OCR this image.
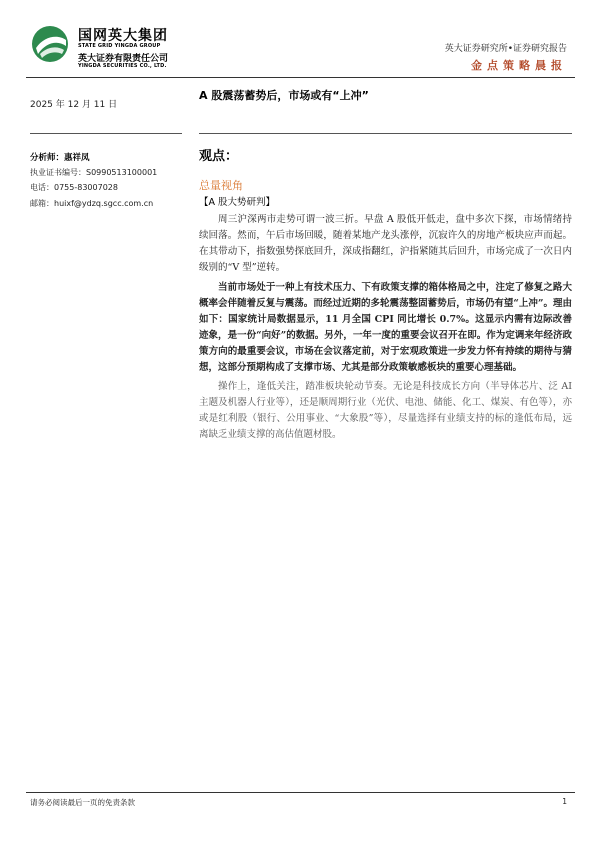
国网英大集团
STATE GRID YINGDA GROUP
英大证券有限责任公司
YINGDA SECURITIES CO., LTD.
英大证券研究所•证券研究报告
金点策略晨报
2025 年 12 月 11 日
A 股震荡蓄势后，市场或有“上冲”
分析师：惠祥凤
执业证书编号：S0990513100001
电话：0755-83007028
邮箱：huixf@ydzq.sgcc.com.cn
观点：
总量视角
【A 股大势研判】

周三沪深两市走势可谓一波三折。早盘 A 股低开低走，盘中多次下探，市场情绪持续回落。然而，午后市场回暖，随着某地产龙头涨停，沉寂许久的房地产板块应声而起。在其带动下，指数强势探底回升，深成指翻红，沪指紧随其后回升，市场完成了一次日内级别的“V 型”逆转。

当前市场处于一种上有技术压力、下有政策支撑的箱体格局之中，注定了修复之路大概率会伴随着反复与震荡。而经过近期的多轮震荡整固蓄势后，市场仍有望“上冲”。理由如下：国家统计局数据显示，11 月全国 CPI 同比增长 0.7%。这显示内需有边际改善迹象，是一份“向好”的数据。另外，一年一度的重要会议召开在即。作为定调来年经济政策方向的最重要会议，市场在会议落定前，对于宏观政策进一步发力怀有持续的期待与猜想，这部分预期构成了支撑市场、尤其是部分政策敏感板块的重要心理基础。

操作上，逢低关注，踏准板块轮动节奏。无论是科技成长方向（半导体芯片、泛 AI 主题及机器人行业等），还是顺周期行业（光伏、电池、储能、化工、煤炭、有色等），亦或是红利股（银行、公用事业、“大象股”等），尽量选择有业绩支持的标的逢低布局，远离缺乏业绩支撑的高估值题材股。

请务必阅读最后一页的免责条款	1
